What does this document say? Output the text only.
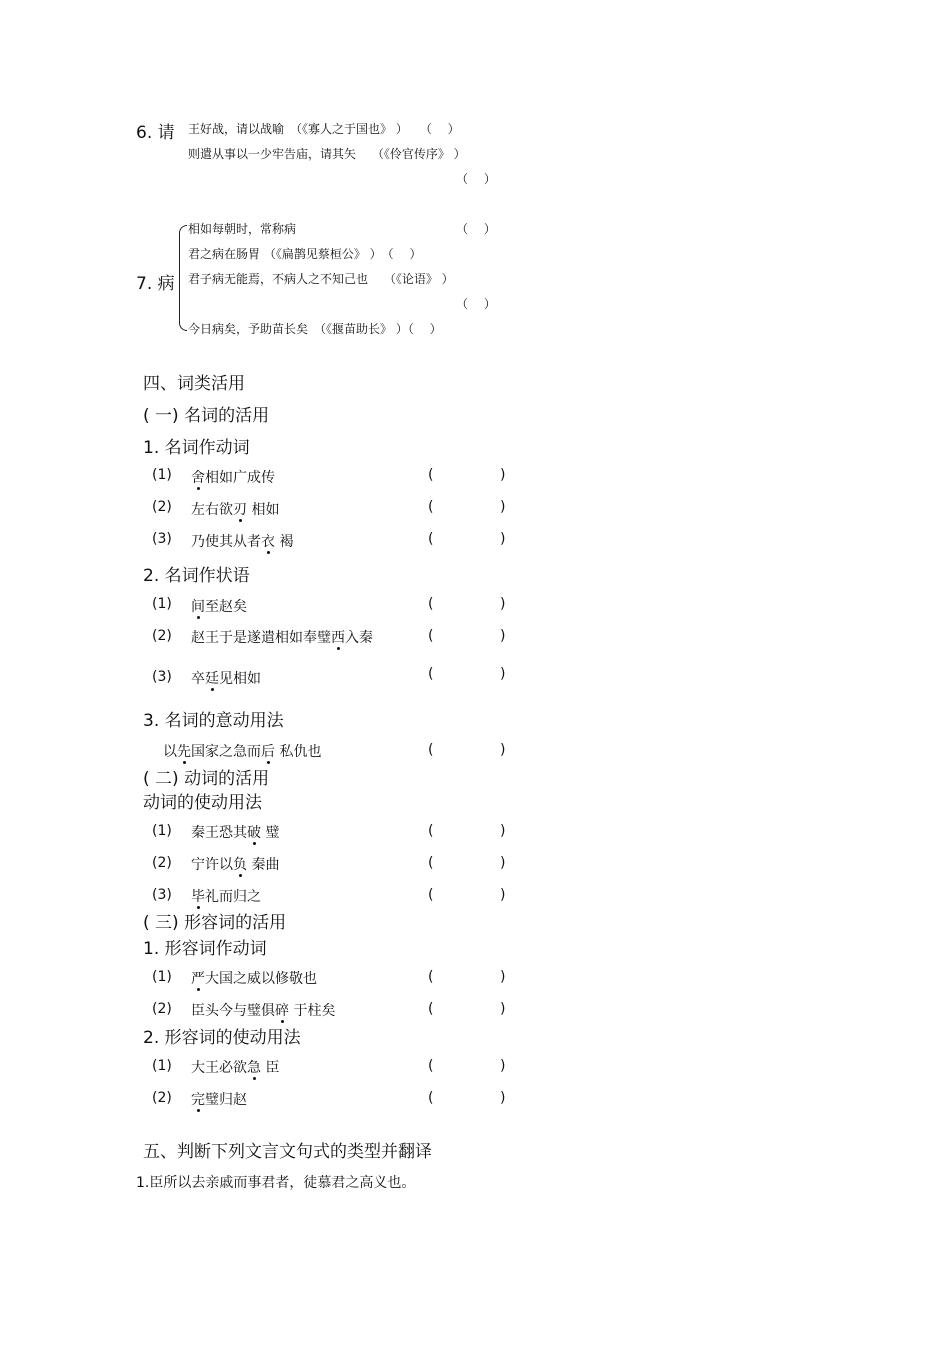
6. 请 王好战，请以战喻　（《寡人之于国也》 ）　　（　 ）
则遣从事以一少牢告庙，请其矢　 （《伶官传序》 ）
（　 ）
7. 病
相如每朝时，常称病	（　 ）
君之病在肠胃 （《扁鹊见蔡桓公》 ）　（　 ）
君子病无能焉，不病人之不知己也　 （《论语》 ）
（　 ）
今日病矣，予助苗长矣　（《揠苗助长》 ）（　 ）
四、词类活用
( 一) 名词的活用
1. 名词作动词
(1) 舍相如广成传	(	)
(2) 左右欲刃 相如	(	)
(3) 乃使其从者衣 褐	(	)
2. 名词作状语
(1) 间至赵矣	(	)
(2) 赵王于是遂遣相如奉璧西入秦	(	)
(3) 卒廷见相如	(	)
3. 名词的意动用法
以先国家之急而后 私仇也	(	)
( 二) 动词的活用
动词的使动用法
(1) 秦王恐其破 璧	(	)
(2) 宁许以负 秦曲	(	)
(3) 毕礼而归之	(	)
( 三) 形容词的活用
1. 形容词作动词
(1) 严大国之威以修敬也	(	)
(2) 臣头今与璧俱碎 于柱矣	(	)
2. 形容词的使动用法
(1) 大王必欲急 臣	(	)
(2) 完璧归赵	(	)
五、判断下列文言文句式的类型并翻译
1.臣所以去亲戚而事君者，徒慕君之高义也。
